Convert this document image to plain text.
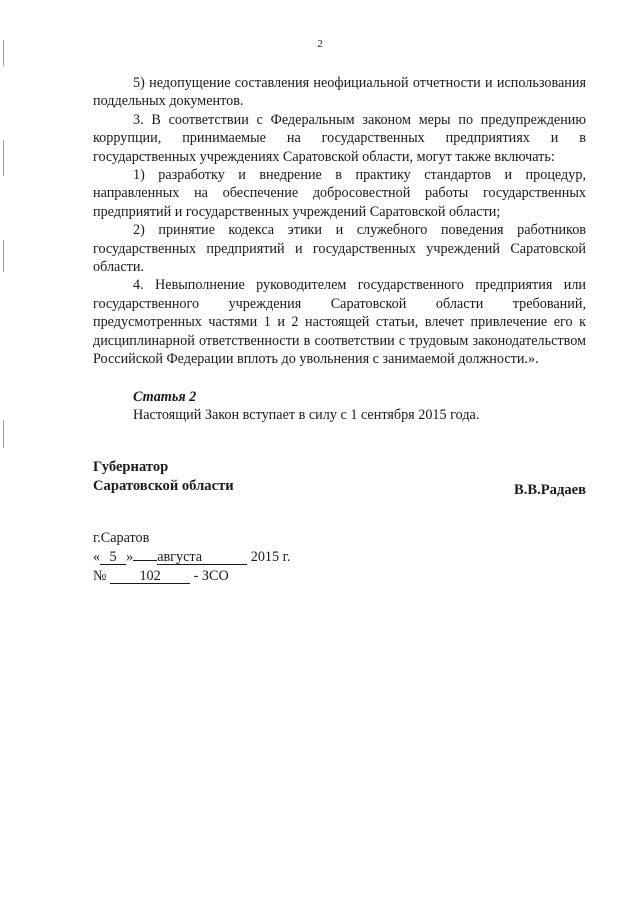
2

5) недопущение составления неофициальной отчетности и использования поддельных документов.

3. В соответствии с Федеральным законом меры по предупреждению коррупции, принимаемые на государственных предприятиях и в государственных учреждениях Саратовской области, могут также включать:

1) разработку и внедрение в практику стандартов и процедур, направленных на обеспечение добросовестной работы государственных предприятий и государственных учреждений Саратовской области;

2) принятие кодекса этики и служебного поведения работников государственных предприятий и государственных учреждений Саратовской области.

4. Невыполнение руководителем государственного предприятия или государственного учреждения Саратовской области требований, предусмотренных частями 1 и 2 настоящей статьи, влечет привлечение его к дисциплинарной ответственности в соответствии с трудовым законодательством Российской Федерации вплоть до увольнения с занимаемой должности.».

Статья 2

Настоящий Закон вступает в силу с 1 сентября 2015 года.

Губернатор
Саратовской области	В.В.Радаев
г.Саратов
« 5 » августа	2015 г.
№ 102 - ЗСО
